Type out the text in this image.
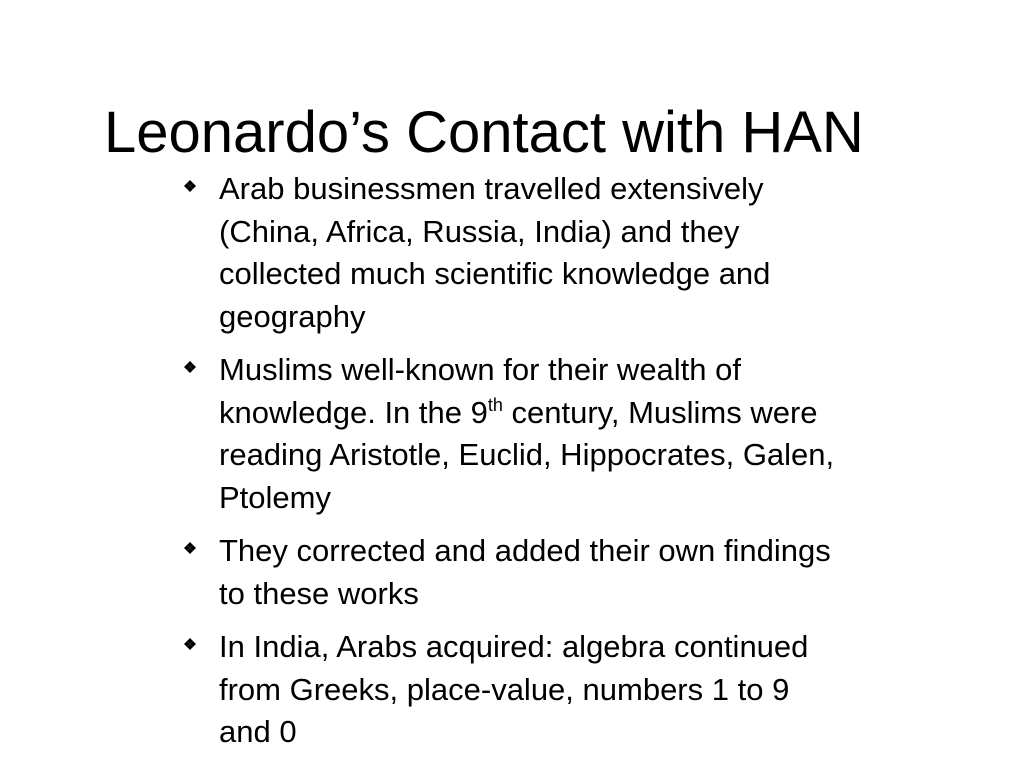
Leonardo’s Contact with HAN
Arab businessmen travelled extensively
(China, Africa, Russia, India) and they
collected much scientific knowledge and
geography
Muslims well-known for their wealth of
knowledge. In the 9th century, Muslims were
reading Aristotle, Euclid, Hippocrates, Galen,
Ptolemy
They corrected and added their own findings
to these works
In India, Arabs acquired: algebra continued
from Greeks, place-value, numbers 1 to 9
and 0
